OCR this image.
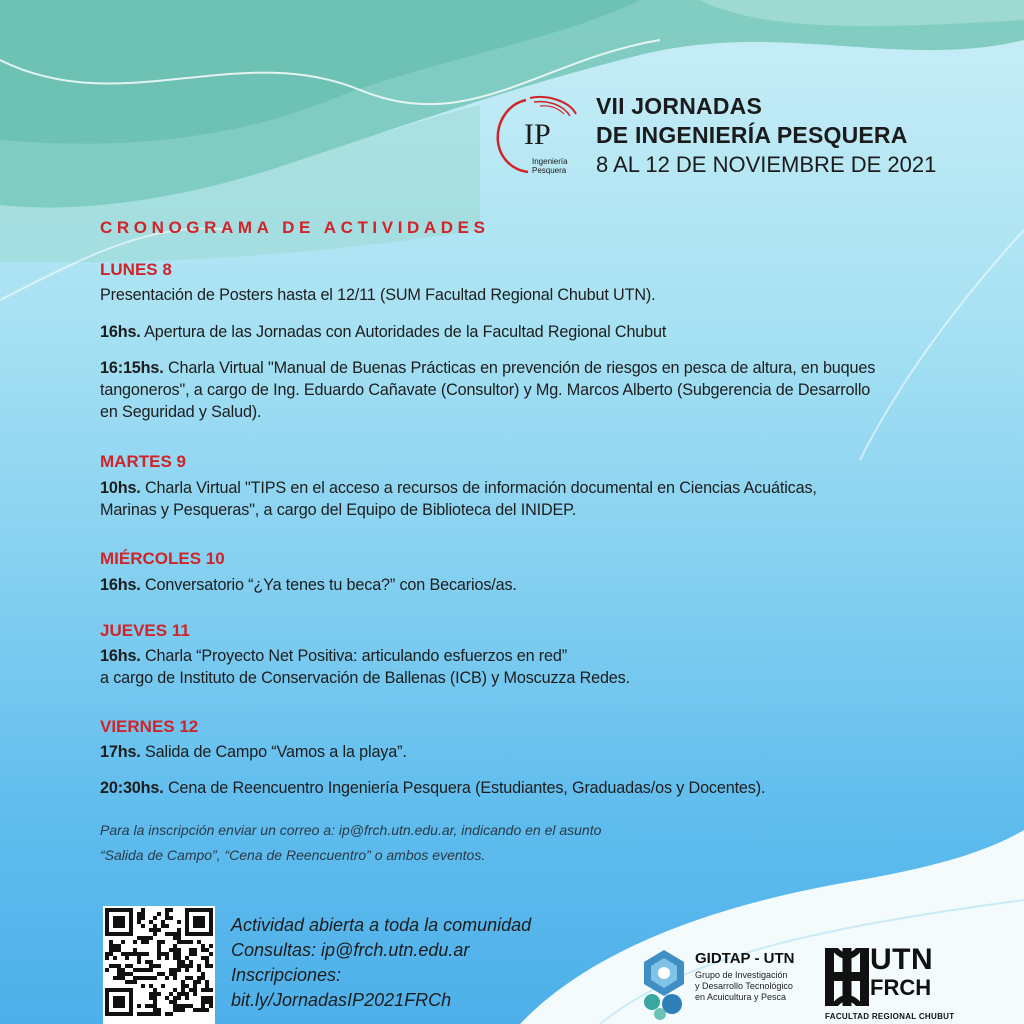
IP
Ingeniería
Pesquera
VII JORNADAS
DE INGENIERÍA PESQUERA
8 AL 12 DE NOVIEMBRE DE 2021
CRONOGRAMA DE ACTIVIDADES
LUNES 8
Presentación de Posters hasta el 12/11 (SUM Facultad Regional Chubut UTN).
16hs. Apertura de las Jornadas con Autoridades de la Facultad Regional Chubut
16:15hs. Charla Virtual "Manual de Buenas Prácticas en prevención de riesgos en pesca de altura, en buques tangoneros", a cargo de Ing. Eduardo Cañavate (Consultor) y Mg. Marcos Alberto (Subgerencia de Desarrollo en Seguridad y Salud).
MARTES 9
10hs. Charla Virtual "TIPS en el acceso a recursos de información documental en Ciencias Acuáticas, Marinas y Pesqueras", a cargo del Equipo de Biblioteca del INIDEP.
MIÉRCOLES 10
16hs. Conversatorio “¿Ya tenes tu beca?” con Becarios/as.
JUEVES 11
16hs. Charla “Proyecto Net Positiva: articulando esfuerzos en red”
a cargo de Instituto de Conservación de Ballenas (ICB) y Moscuzza Redes.
VIERNES 12
17hs. Salida de Campo “Vamos a la playa”.
20:30hs. Cena de Reencuentro Ingeniería Pesquera (Estudiantes, Graduadas/os y Docentes).
Para la inscripción enviar un correo a: ip@frch.utn.edu.ar, indicando en el asunto
“Salida de Campo”, “Cena de Reencuentro” o ambos eventos.
Actividad abierta a toda la comunidad
Consultas: ip@frch.utn.edu.ar
Inscripciones:
bit.ly/JornadasIP2021FRCh
GIDTAP - UTN
Grupo de Investigación
y Desarrollo Tecnológico
en Acuicultura y Pesca
UTN
FRCH
FACULTAD REGIONAL CHUBUT
